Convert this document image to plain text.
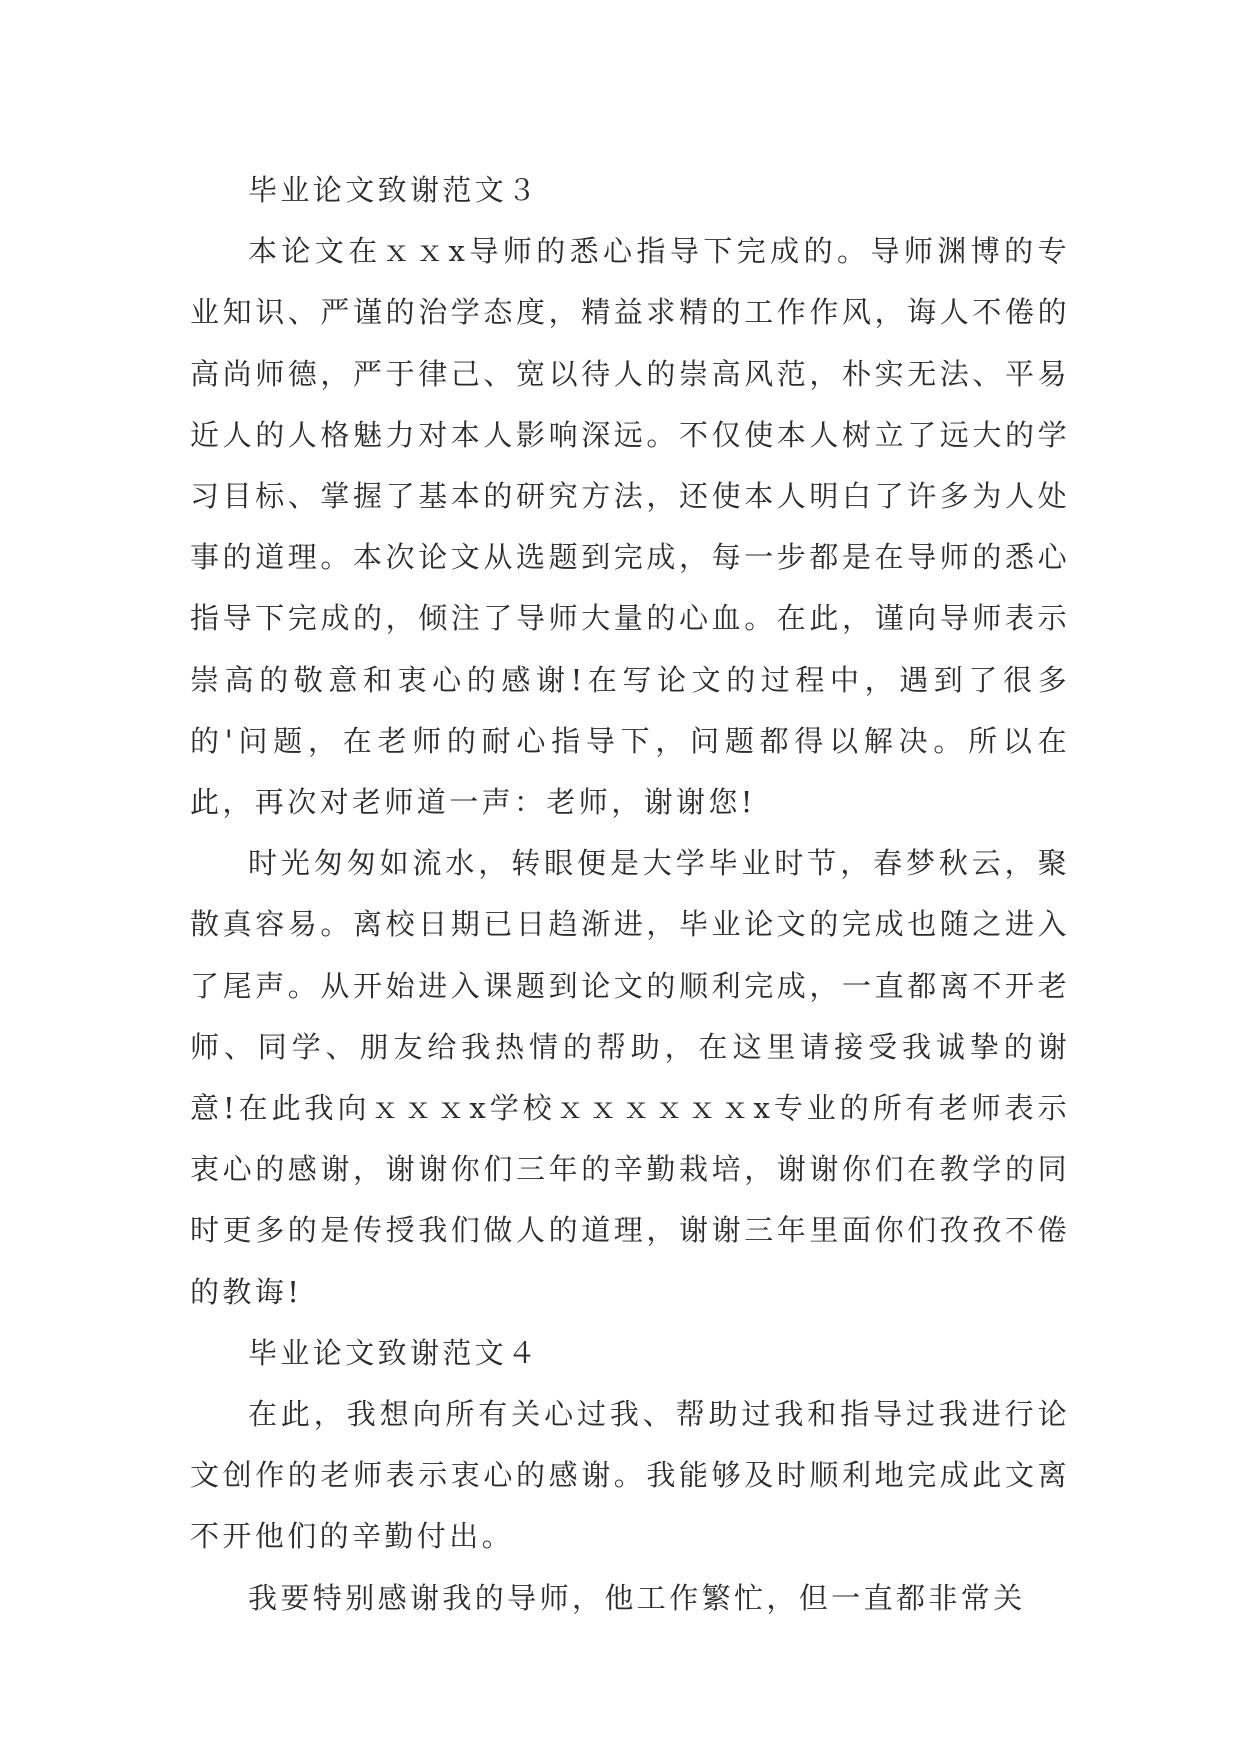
毕业论文致谢范文３

本论文在ｘｘx导师的悉心指导下完成的。导师渊博的专业知识、严谨的治学态度，精益求精的工作作风，诲人不倦的高尚师德，严于律己、宽以待人的崇高风范，朴实无法、平易近人的人格魅力对本人影响深远。不仅使本人树立了远大的学习目标、掌握了基本的研究方法，还使本人明白了许多为人处事的道理。本次论文从选题到完成，每一步都是在导师的悉心指导下完成的，倾注了导师大量的心血。在此，谨向导师表示崇高的敬意和衷心的感谢!在写论文的过程中，遇到了很多的'问题，在老师的耐心指导下，问题都得以解决。所以在此，再次对老师道一声：老师，谢谢您!

时光匆匆如流水，转眼便是大学毕业时节，春梦秋云，聚散真容易。离校日期已日趋渐进，毕业论文的完成也随之进入了尾声。从开始进入课题到论文的顺利完成，一直都离不开老师、同学、朋友给我热情的帮助，在这里请接受我诚挚的谢意!在此我向ｘｘｘx学校ｘｘｘｘｘｘx专业的所有老师表示衷心的感谢，谢谢你们三年的辛勤栽培，谢谢你们在教学的同时更多的是传授我们做人的道理，谢谢三年里面你们孜孜不倦的教诲!

毕业论文致谢范文４

在此，我想向所有关心过我、帮助过我和指导过我进行论文创作的老师表示衷心的感谢。我能够及时顺利地完成此文离不开他们的辛勤付出。

我要特别感谢我的导师，他工作繁忙，但一直都非常关
